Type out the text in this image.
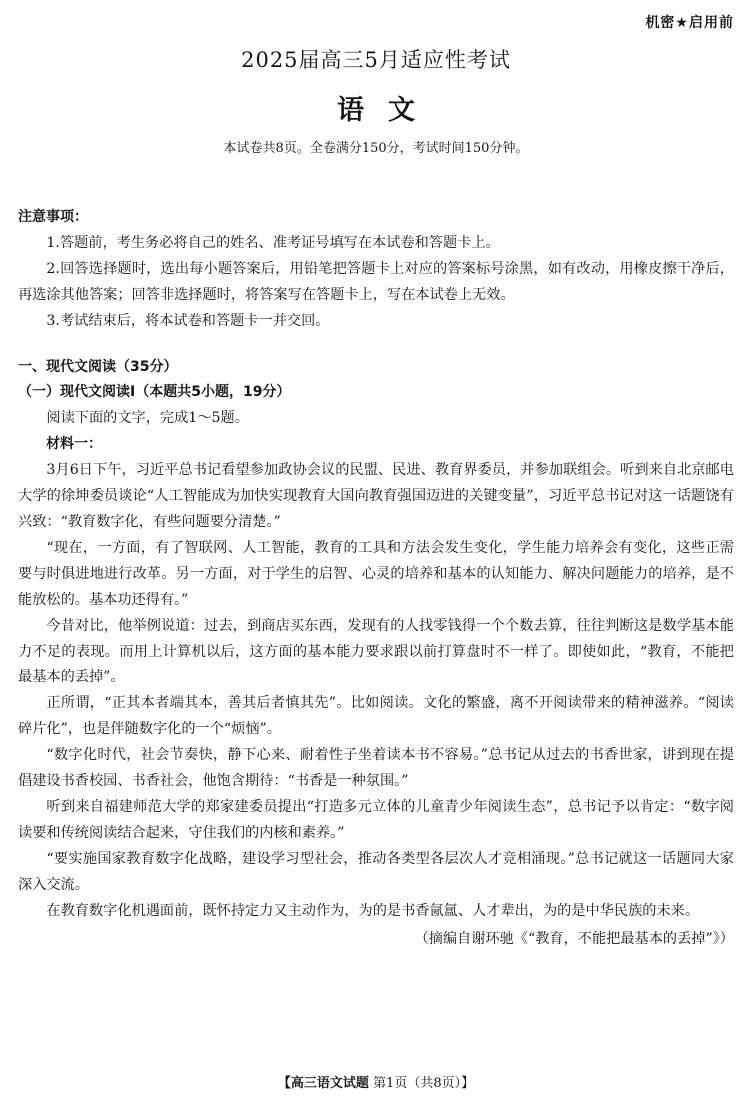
机密★启用前
2025届高三5月适应性考试
语文
本试卷共8页。全卷满分150分，考试时间150分钟。

注意事项：

1.答题前，考生务必将自己的姓名、准考证号填写在本试卷和答题卡上。

2.回答选择题时，选出每小题答案后，用铅笔把答题卡上对应的答案标号涂黑，如有改动，用橡皮擦干净后，再选涂其他答案；回答非选择题时，将答案写在答题卡上，写在本试卷上无效。

3.考试结束后，将本试卷和答题卡一并交回。

一、现代文阅读（35分）

（一）现代文阅读Ⅰ（本题共5小题，19分）

阅读下面的文字，完成1～5题。

材料一：

3月6日下午，习近平总书记看望参加政协会议的民盟、民进、教育界委员，并参加联组会。听到来自北京邮电大学的徐坤委员谈论“人工智能成为加快实现教育大国向教育强国迈进的关键变量”，习近平总书记对这一话题饶有兴致：“教育数字化，有些问题要分清楚。”

“现在，一方面，有了智联网、人工智能，教育的工具和方法会发生变化，学生能力培养会有变化，这些正需要与时俱进地进行改革。另一方面，对于学生的启智、心灵的培养和基本的认知能力、解决问题能力的培养，是不能放松的。基本功还得有。”

今昔对比，他举例说道：过去，到商店买东西，发现有的人找零钱得一个个数去算，往往判断这是数学基本能力不足的表现。而用上计算机以后，这方面的基本能力要求跟以前打算盘时不一样了。即使如此，“教育，不能把最基本的丢掉”。

正所谓，“正其本者端其本，善其后者慎其先”。比如阅读。文化的繁盛，离不开阅读带来的精神滋养。“阅读碎片化”，也是伴随数字化的一个“烦恼”。

“数字化时代，社会节奏快，静下心来、耐着性子坐着读本书不容易。”总书记从过去的书香世家，讲到现在提倡建设书香校园、书香社会，他饱含期待：“书香是一种氛围。”

听到来自福建师范大学的郑家建委员提出“打造多元立体的儿童青少年阅读生态”，总书记予以肯定：“数字阅读要和传统阅读结合起来，守住我们的内核和素养。”

“要实施国家教育数字化战略，建设学习型社会，推动各类型各层次人才竞相涌现。”总书记就这一话题同大家深入交流。

在教育数字化机遇面前，既怀持定力又主动作为，为的是书香氤氲、人才辈出，为的是中华民族的未来。

（摘编自谢环驰《“教育，不能把最基本的丢掉”》）

【高三语文试题 第1页（共8页）】
